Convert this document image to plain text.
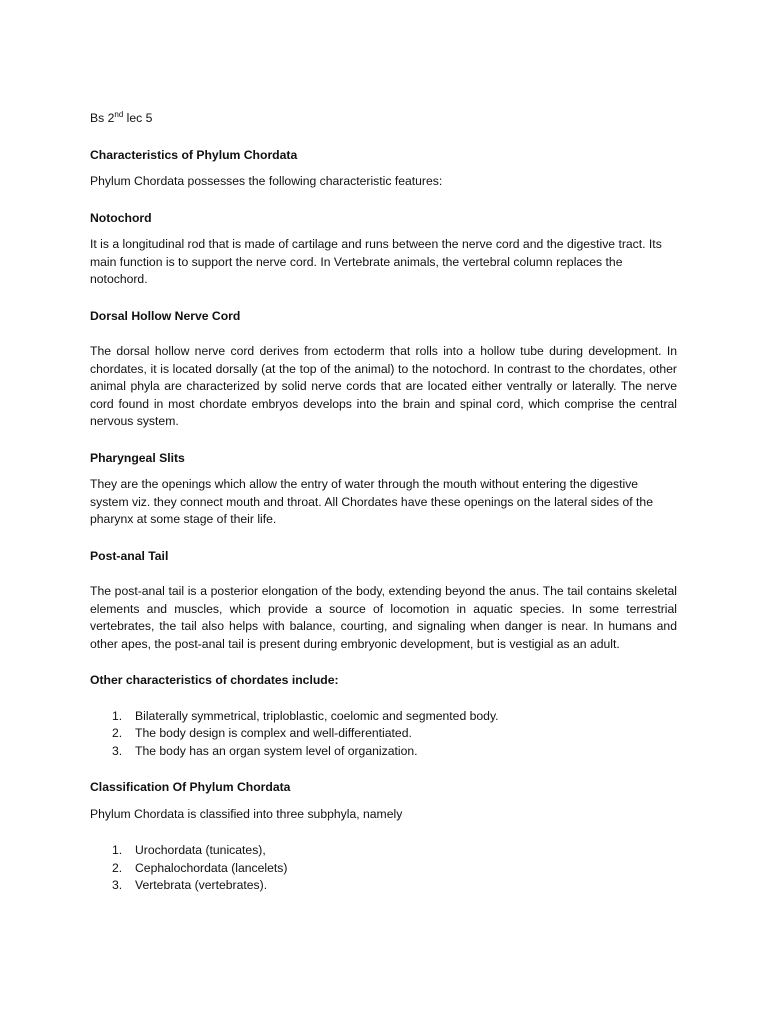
Bs 2nd lec 5

Characteristics of Phylum Chordata

Phylum Chordata possesses the following characteristic features:

Notochord

It is a longitudinal rod that is made of cartilage and runs between the nerve cord and the digestive tract. Its main function is to support the nerve cord. In Vertebrate animals, the vertebral column replaces the notochord.

Dorsal Hollow Nerve Cord

The dorsal hollow nerve cord derives from ectoderm that rolls into a hollow tube during development. In chordates, it is located dorsally (at the top of the animal) to the notochord. In contrast to the chordates, other animal phyla are characterized by solid nerve cords that are located either ventrally or laterally. The nerve cord found in most chordate embryos develops into the brain and spinal cord, which comprise the central nervous system.

Pharyngeal Slits

They are the openings which allow the entry of water through the mouth without entering the digestive system viz. they connect mouth and throat. All Chordates have these openings on the lateral sides of the pharynx at some stage of their life.

Post-anal Tail

The post-anal tail is a posterior elongation of the body, extending beyond the anus. The tail contains skeletal elements and muscles, which provide a source of locomotion in aquatic species. In some terrestrial vertebrates, the tail also helps with balance, courting, and signaling when danger is near. In humans and other apes, the post-anal tail is present during embryonic development, but is vestigial as an adult.

Other characteristics of chordates include:
1. Bilaterally symmetrical, triploblastic, coelomic and segmented body.
2. The body design is complex and well-differentiated.
3. The body has an organ system level of organization.
Classification Of Phylum Chordata

Phylum Chordata is classified into three subphyla, namely

1. Urochordata (tunicates),
2. Cephalochordata (lancelets)
3. Vertebrata (vertebrates).
